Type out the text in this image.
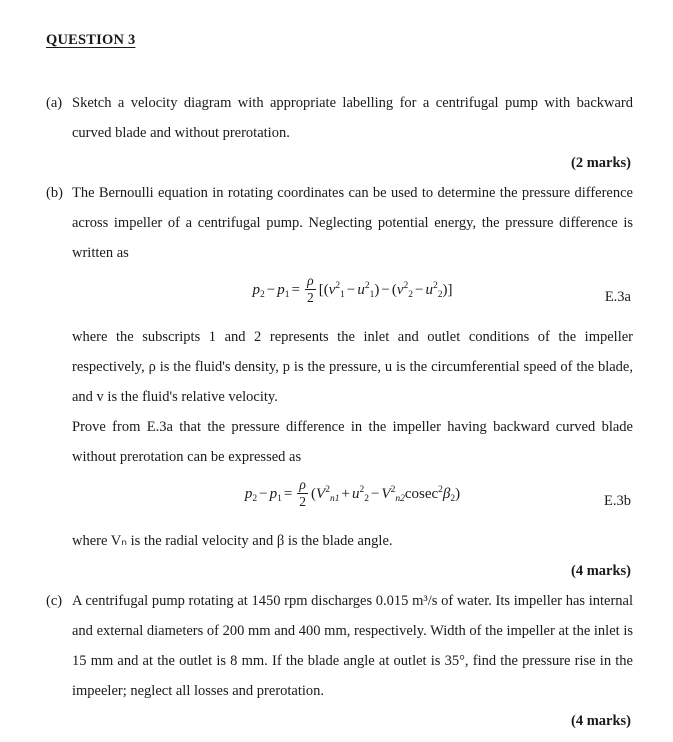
QUESTION 3
(a) Sketch a velocity diagram with appropriate labelling for a centrifugal pump with backward curved blade and without prerotation.

(2 marks)

(b) The Bernoulli equation in rotating coordinates can be used to determine the pressure difference across impeller of a centrifugal pump. Neglecting potential energy, the pressure difference is written as

$p_2 - p_1 = \frac{\rho}{2} [(v^2_1 - u^2_1) - (v^2_2 - u^2_2)]$	E.3a

where the subscripts 1 and 2 represents the inlet and outlet conditions of the impeller respectively, ρ is the fluid's density, p is the pressure, u is the circumferential speed of the blade, and v is the fluid's relative velocity.

Prove from E.3a that the pressure difference in the impeller having backward curved blade without prerotation can be expressed as

$p_2 - p_1 = \frac{\rho}{2} (V^2_{n1} + u^2_2 - V^2_{n2}cosec^2\beta_2)$	E.3b

where Vₙ is the radial velocity and β is the blade angle.

(4 marks)

(c) A centrifugal pump rotating at 1450 rpm discharges 0.015 m³/s of water. Its impeller has internal and external diameters of 200 mm and 400 mm, respectively. Width of the impeller at the inlet is 15 mm and at the outlet is 8 mm. If the blade angle at outlet is 35°, find the pressure rise in the impeeler; neglect all losses and prerotation.

(4 marks)
